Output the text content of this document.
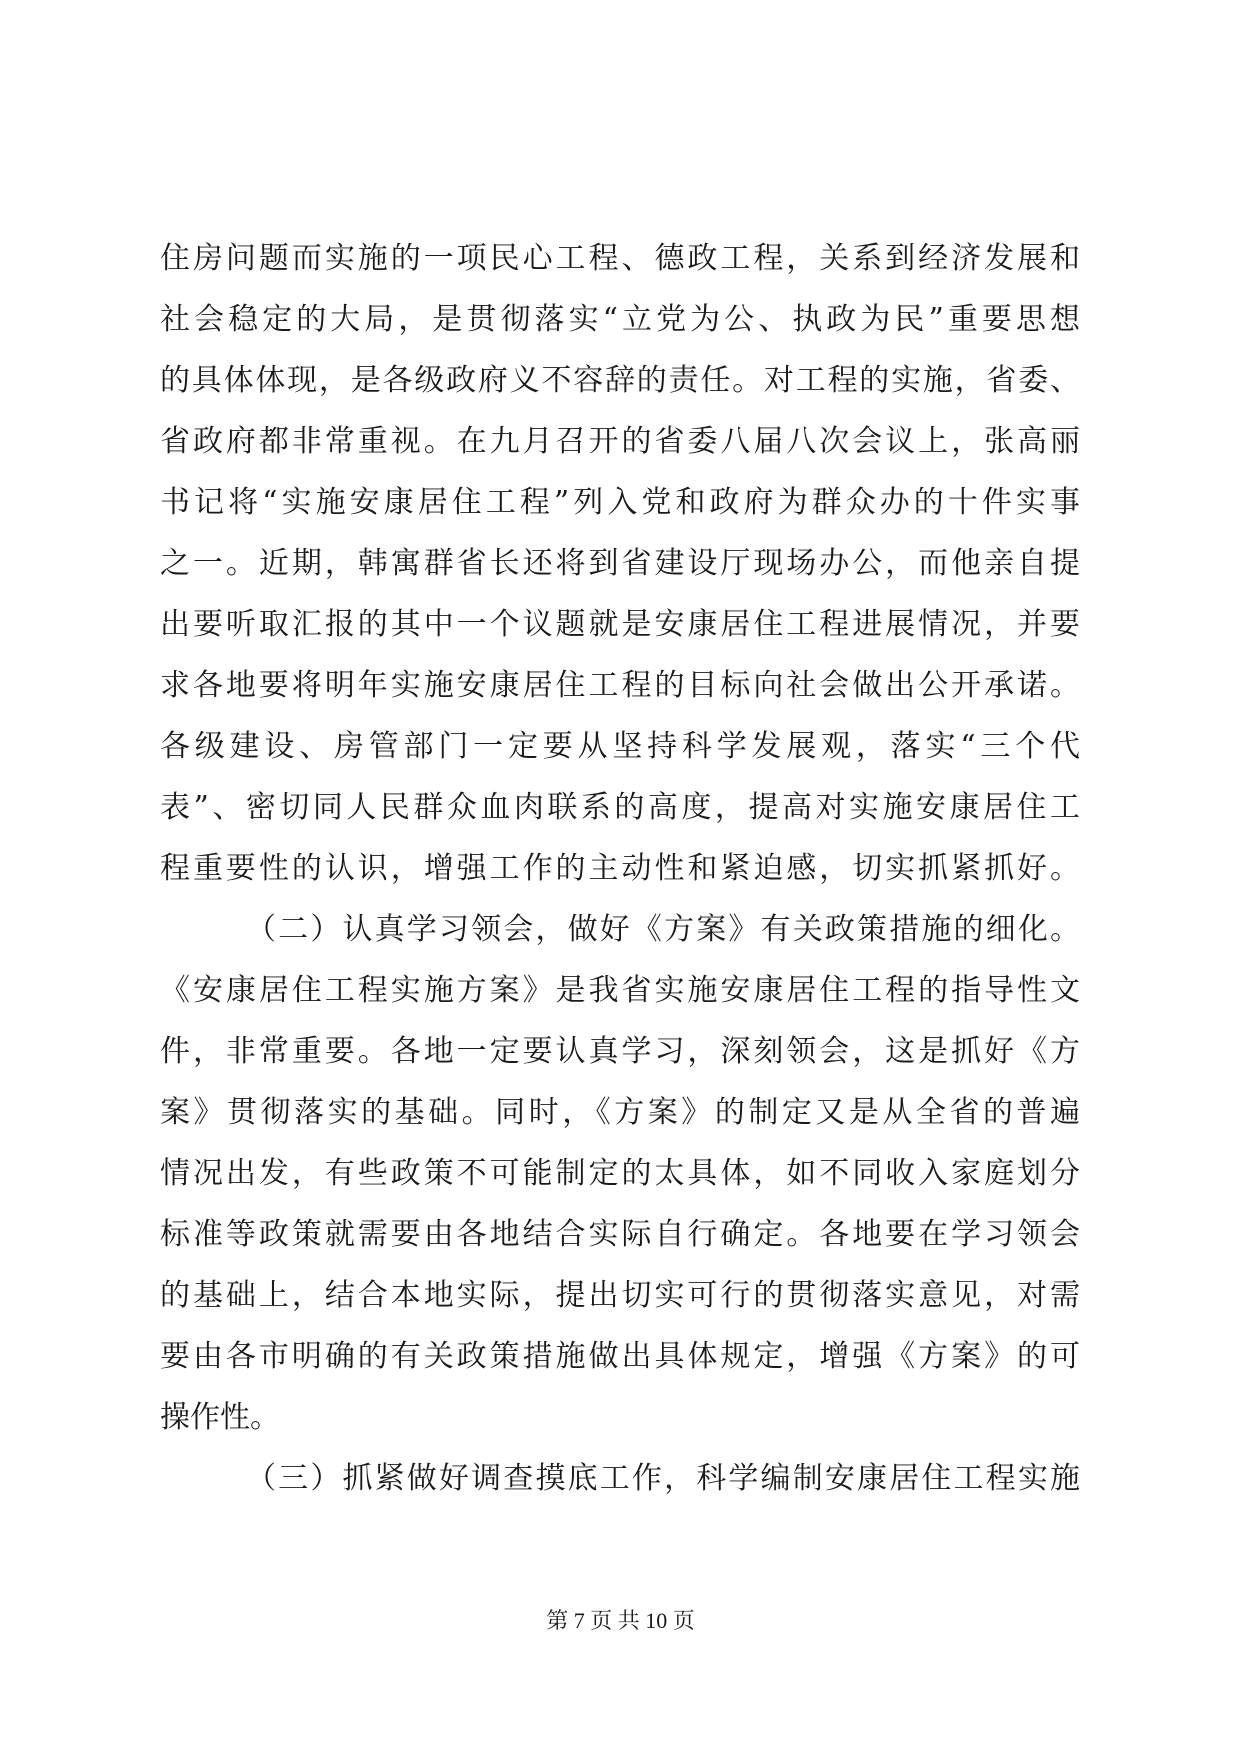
住房问题而实施的一项民心工程、德政工程，关系到经济发展和
社会稳定的大局，是贯彻落实“立党为公、执政为民”重要思想
的具体体现，是各级政府义不容辞的责任。对工程的实施，省委、
省政府都非常重视。在九月召开的省委八届八次会议上，张高丽
书记将“实施安康居住工程”列入党和政府为群众办的十件实事
之一。近期，韩寓群省长还将到省建设厅现场办公，而他亲自提
出要听取汇报的其中一个议题就是安康居住工程进展情况，并要
求各地要将明年实施安康居住工程的目标向社会做出公开承诺。
各级建设、房管部门一定要从坚持科学发展观，落实“三个代
表”、密切同人民群众血肉联系的高度，提高对实施安康居住工
程重要性的认识，增强工作的主动性和紧迫感，切实抓紧抓好。
（二）认真学习领会，做好《方案》有关政策措施的细化。
《安康居住工程实施方案》是我省实施安康居住工程的指导性文
件，非常重要。各地一定要认真学习，深刻领会，这是抓好《方
案》贯彻落实的基础。同时，《方案》的制定又是从全省的普遍
情况出发，有些政策不可能制定的太具体，如不同收入家庭划分
标准等政策就需要由各地结合实际自行确定。各地要在学习领会
的基础上，结合本地实际，提出切实可行的贯彻落实意见，对需
要由各市明确的有关政策措施做出具体规定，增强《方案》的可
操作性。
（三）抓紧做好调查摸底工作，科学编制安康居住工程实施
第 7 页 共 10 页
